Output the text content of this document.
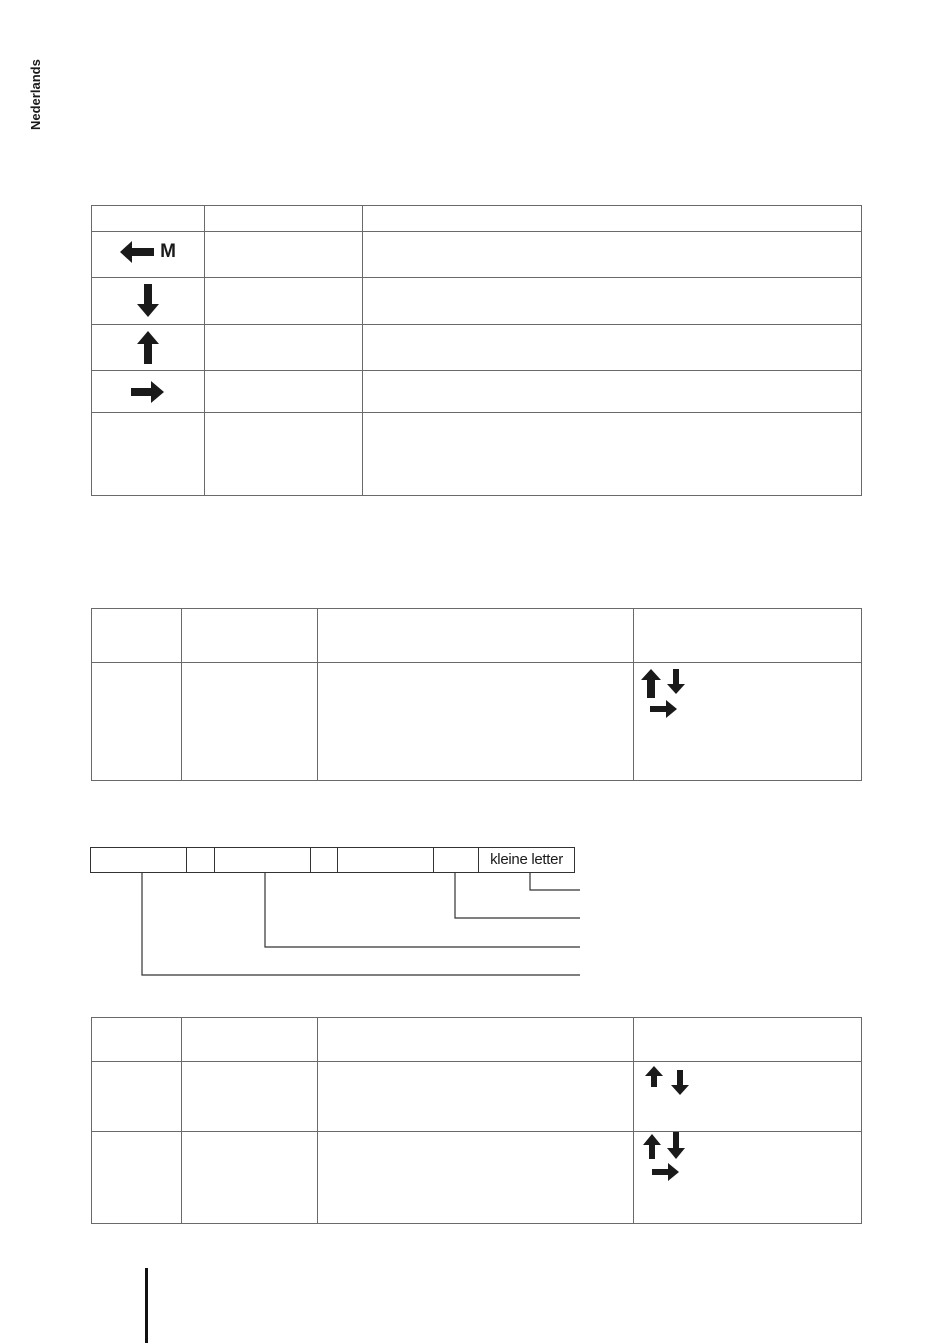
Nederlands

M		

kleine letter
